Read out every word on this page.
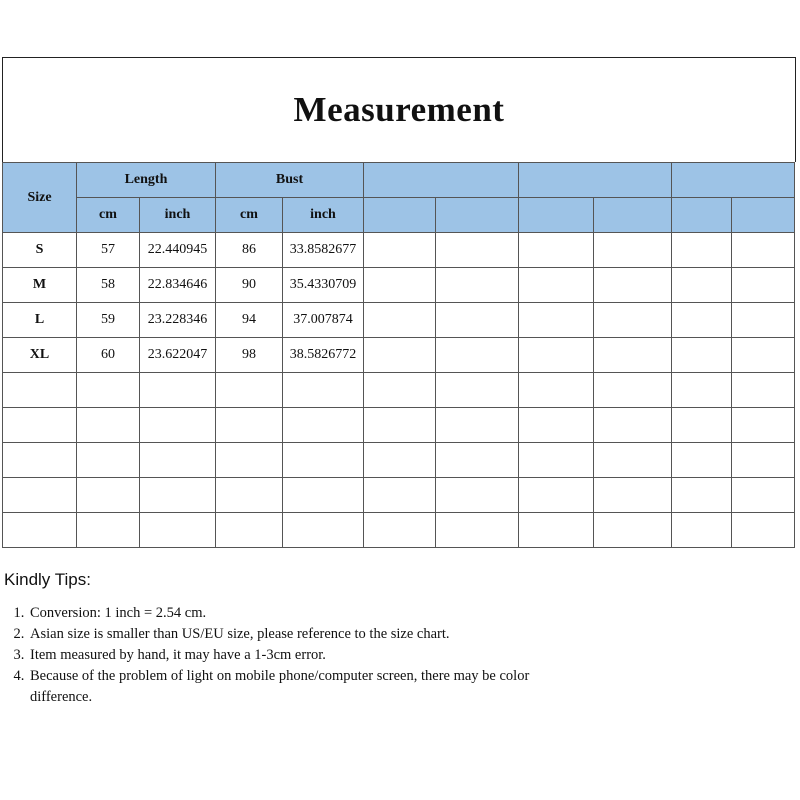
Measurement
Size	Length		Bust							
	cm	inch	cm	inch						
S	57	22.440945	86	33.8582677						
M	58	22.834646	90	35.4330709						
L	59	23.228346	94	37.007874						
XL	60	23.622047	98	38.5826772						

Kindly Tips:
1. Conversion: 1 inch = 2.54 cm.
2. Asian size is smaller than US/EU size, please reference to the size chart.
3. Item measured by hand, it may have a 1-3cm error.
4. Because of the problem of light on mobile phone/computer screen, there may be color difference.
